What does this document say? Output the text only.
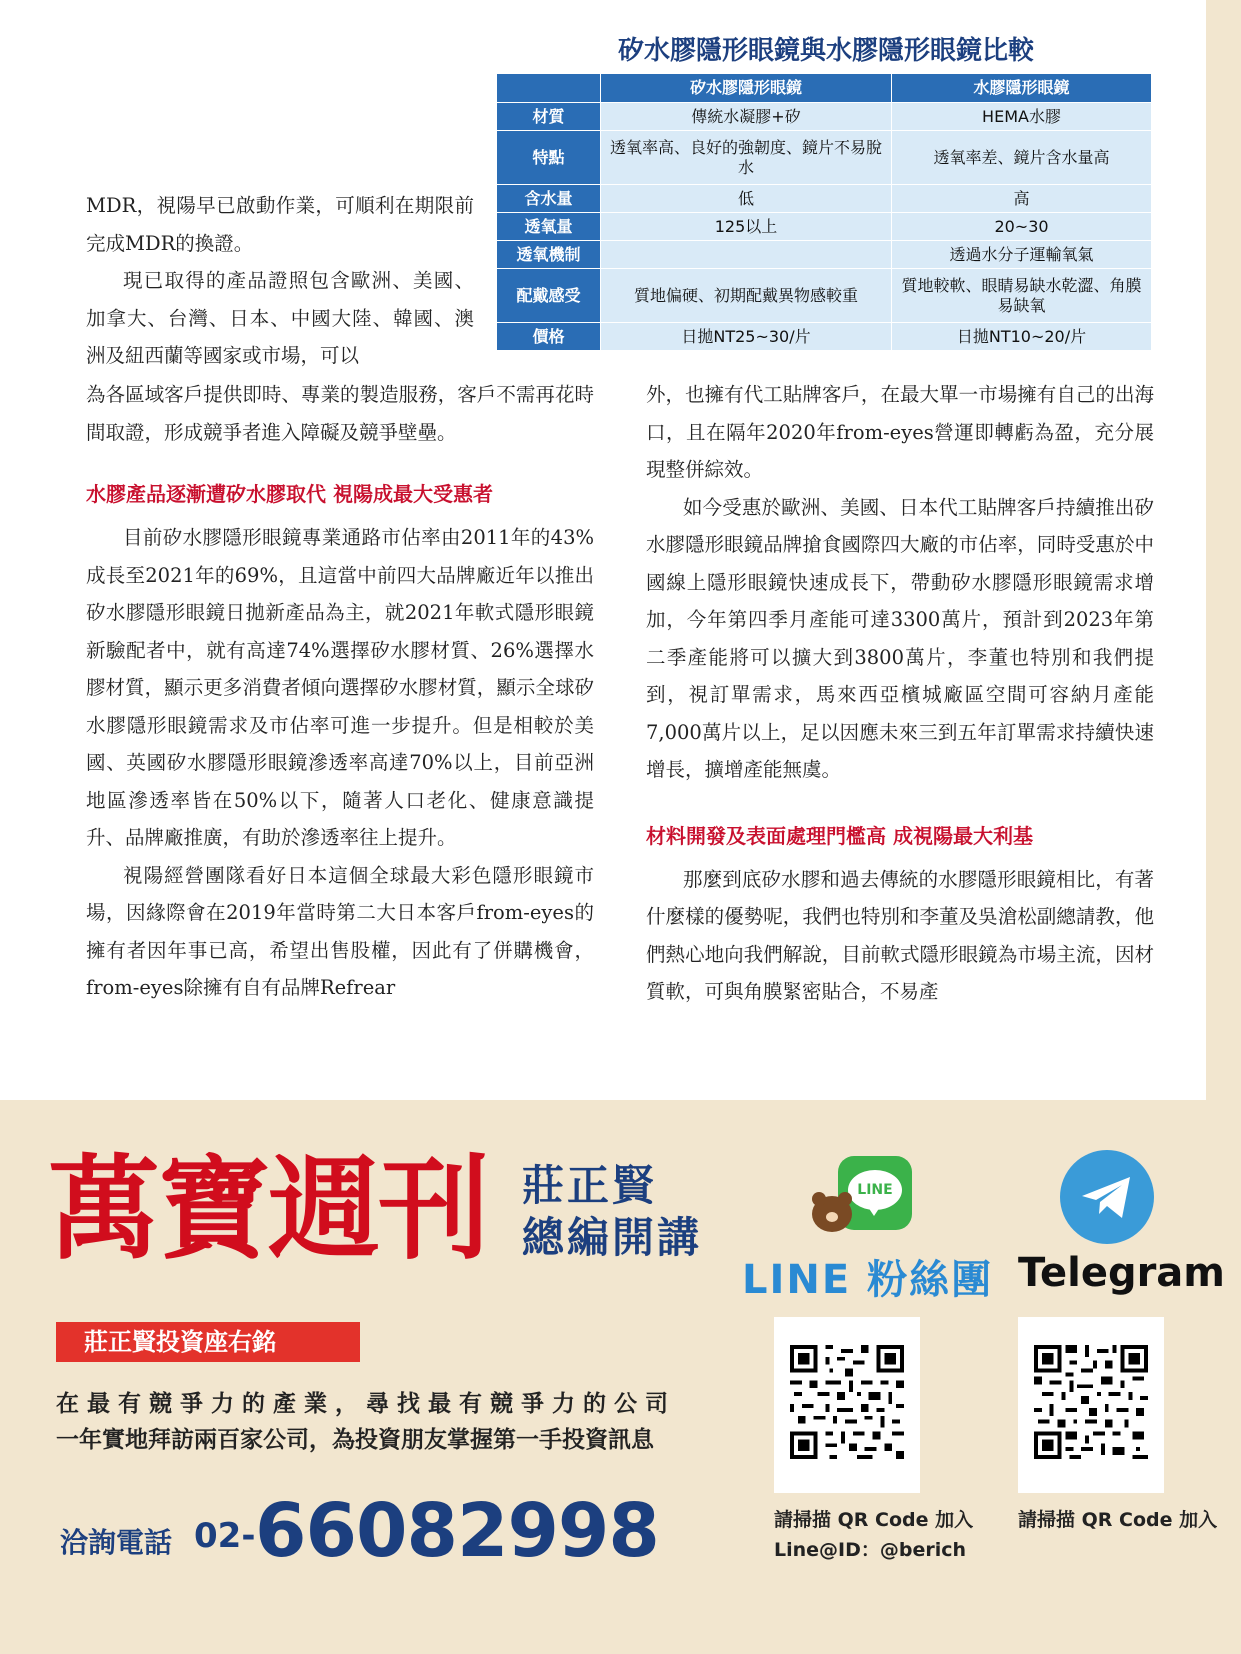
矽水膠隱形眼鏡與水膠隱形眼鏡比較
	矽水膠隱形眼鏡	水膠隱形眼鏡
材質	傳統水凝膠+矽	HEMA水膠
特點	透氧率高、良好的強韌度、鏡片不易脫水	透氧率差、鏡片含水量高
含水量	低	高
透氧量	125以上	20~30
透氧機制		透過水分子運輸氧氣
配戴感受	質地偏硬、初期配戴異物感較重	質地較軟、眼睛易缺水乾澀、角膜易缺氧
價格	日拋NT25~30/片	日拋NT10~20/片

MDR，視陽早已啟動作業，可順利在期限前完成MDR的換證。

現已取得的產品證照包含歐洲、美國、加拿大、台灣、日本、中國大陸、韓國、澳洲及紐西蘭等國家或市場，可以

為各區域客戶提供即時、專業的製造服務，客戶不需再花時間取證，形成競爭者進入障礙及競爭壁壘。

水膠產品逐漸遭矽水膠取代 視陽成最大受惠者

目前矽水膠隱形眼鏡專業通路市佔率由2011年的43%成長至2021年的69%，且這當中前四大品牌廠近年以推出矽水膠隱形眼鏡日拋新產品為主，就2021年軟式隱形眼鏡新驗配者中，就有高達74%選擇矽水膠材質、26%選擇水膠材質，顯示更多消費者傾向選擇矽水膠材質，顯示全球矽水膠隱形眼鏡需求及市佔率可進一步提升。但是相較於美國、英國矽水膠隱形眼鏡滲透率高達70%以上，目前亞洲地區滲透率皆在50%以下，隨著人口老化、健康意識提升、品牌廠推廣，有助於滲透率往上提升。

視陽經營團隊看好日本這個全球最大彩色隱形眼鏡市場，因緣際會在2019年當時第二大日本客戶from-eyes的擁有者因年事已高，希望出售股權，因此有了併購機會，from-eyes除擁有自有品牌Refrear

外，也擁有代工貼牌客戶，在最大單一市場擁有自己的出海口，且在隔年2020年from-eyes營運即轉虧為盈，充分展現整併綜效。

如今受惠於歐洲、美國、日本代工貼牌客戶持續推出矽水膠隱形眼鏡品牌搶食國際四大廠的市佔率，同時受惠於中國線上隱形眼鏡快速成長下，帶動矽水膠隱形眼鏡需求增加，今年第四季月產能可達3300萬片，預計到2023年第二季產能將可以擴大到3800萬片，李董也特別和我們提到，視訂單需求，馬來西亞檳城廠區空間可容納月產能7,000萬片以上，足以因應未來三到五年訂單需求持續快速增長，擴增產能無虞。

材料開發及表面處理門檻高 成視陽最大利基

那麼到底矽水膠和過去傳統的水膠隱形眼鏡相比，有著什麼樣的優勢呢，我們也特別和李董及吳滄松副總請教，他們熱心地向我們解說，目前軟式隱形眼鏡為市場主流，因材質軟，可與角膜緊密貼合，不易產

萬寶週刊 莊正賢
總編開講
莊正賢投資座右銘
在最有競爭力的產業，尋找最有競爭力的公司
一年實地拜訪兩百家公司，為投資朋友掌握第一手投資訊息
洽詢電話 02- 66082998
LINE
LINE 粉絲團 Telegram
請掃描 QR Code 加入
Line@ID：@berich
請掃描 QR Code 加入
